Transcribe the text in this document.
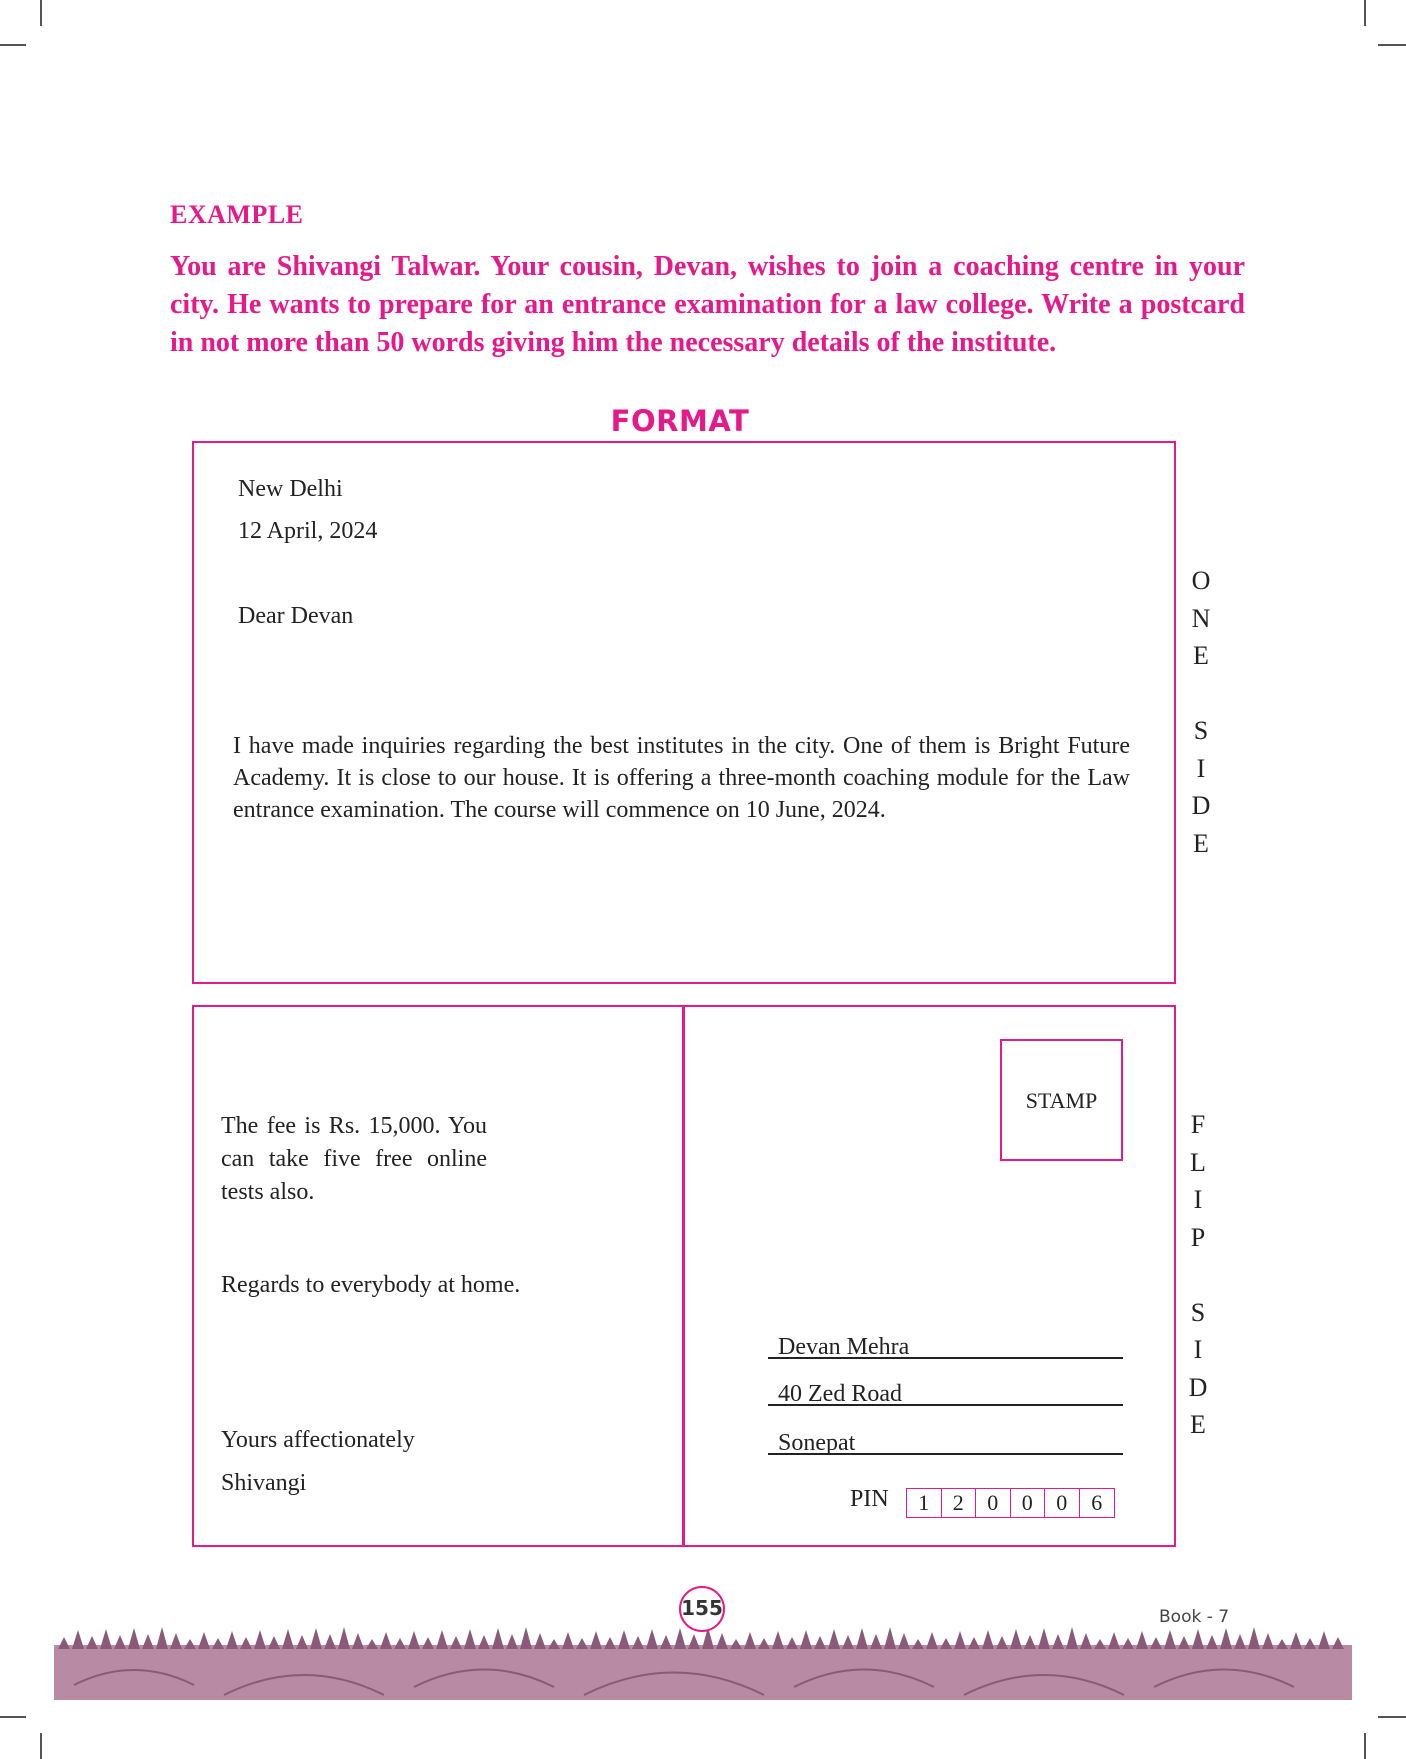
EXAMPLE
You are Shivangi Talwar. Your cousin, Devan, wishes to join a coaching centre in your city. He wants to prepare for an entrance examination for a law college. Write a postcard in not more than 50 words giving him the necessary details of the institute.
FORMAT
New Delhi
12 April, 2024
Dear Devan
I have made inquiries regarding the best institutes in the city. One of them is Bright Future Academy. It is close to our house. It is offering a three-month coaching module for the Law entrance examination. The course will commence on 10 June, 2024.
O
N
E
S
I
D
E
The fee is Rs. 15,000. You can take five free online tests also.
Regards to everybody at home.
Yours affectionately
Shivangi
STAMP
Devan Mehra
40 Zed Road
Sonepat
PIN	1	2	0	0	0	6
F
L
I
P
S
I
D
E
155	Book - 7
